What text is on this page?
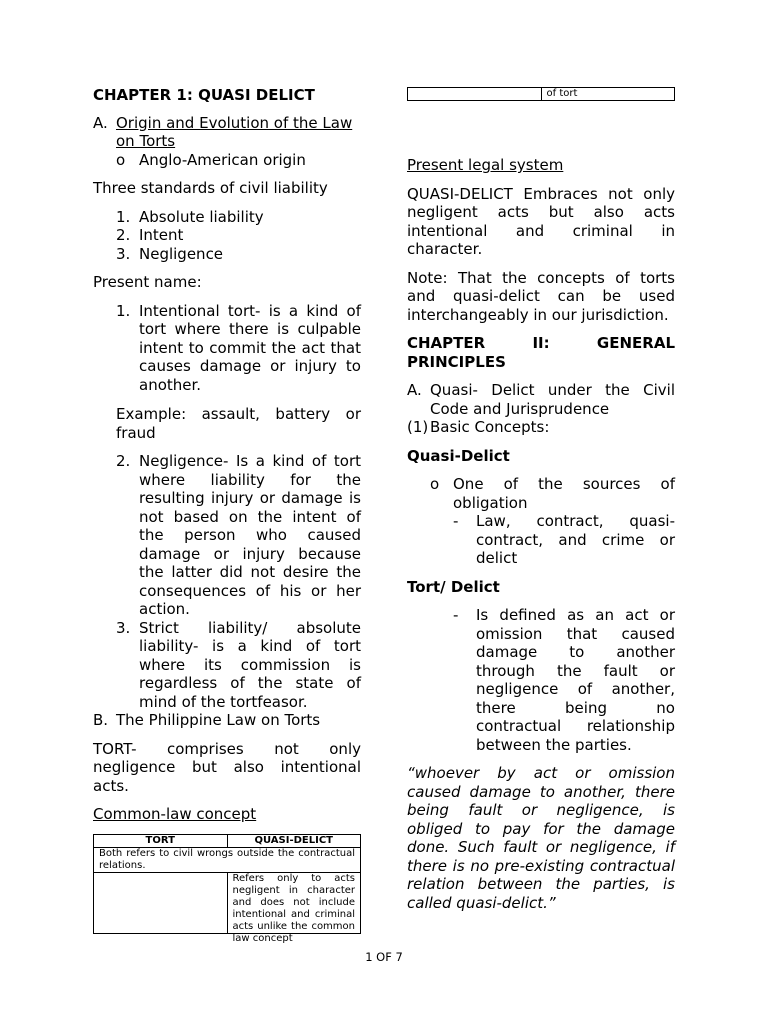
CHAPTER 1: QUASI DELICT

A. Origin and Evolution of the Law on Torts
o Anglo-American origin

Three standards of civil liability

1. Absolute liability
2. Intent
3. Negligence

Present name:

1. Intentional tort- is a kind of tort where there is culpable intent to commit the act that causes damage or injury to another.

Example: assault, battery or fraud

2. Negligence- Is a kind of tort where liability for the resulting injury or damage is not based on the intent of the person who caused damage or injury because the latter did not desire the consequences of his or her action.
3. Strict liability/ absolute liability- is a kind of tort where its commission is regardless of the state of mind of the tortfeasor.
B. The Philippine Law on Torts

TORT- comprises not only negligence but also intentional acts.

Common-law concept

TORT	QUASI-DELICT
Both refers to civil wrongs outside the contractual relations.	

	Refers only to acts negligent in character and does not include intentional and criminal acts unlike the common law concept
	of tort

Present legal system

QUASI-DELICT Embraces not only negligent acts but also acts intentional and criminal in character.

Note: That the concepts of torts and quasi-delict can be used interchangeably in our jurisdiction.

CHAPTER II: GENERAL PRINCIPLES

A. Quasi- Delict under the Civil Code and Jurisprudence
(1) Basic Concepts:

Quasi-Delict

o One of the sources of obligation
-	Law, contract, quasi-contract, and crime or delict

Tort/ Delict

-	Is defined as an act or omission that caused damage to another through the fault or negligence of another, there being no contractual relationship between the parties.

“whoever by act or omission caused damage to another, there being fault or negligence, is obliged to pay for the damage done. Such fault or negligence, if there is no pre-existing contractual relation between the parties, is called quasi-delict.”

1 OF 7
